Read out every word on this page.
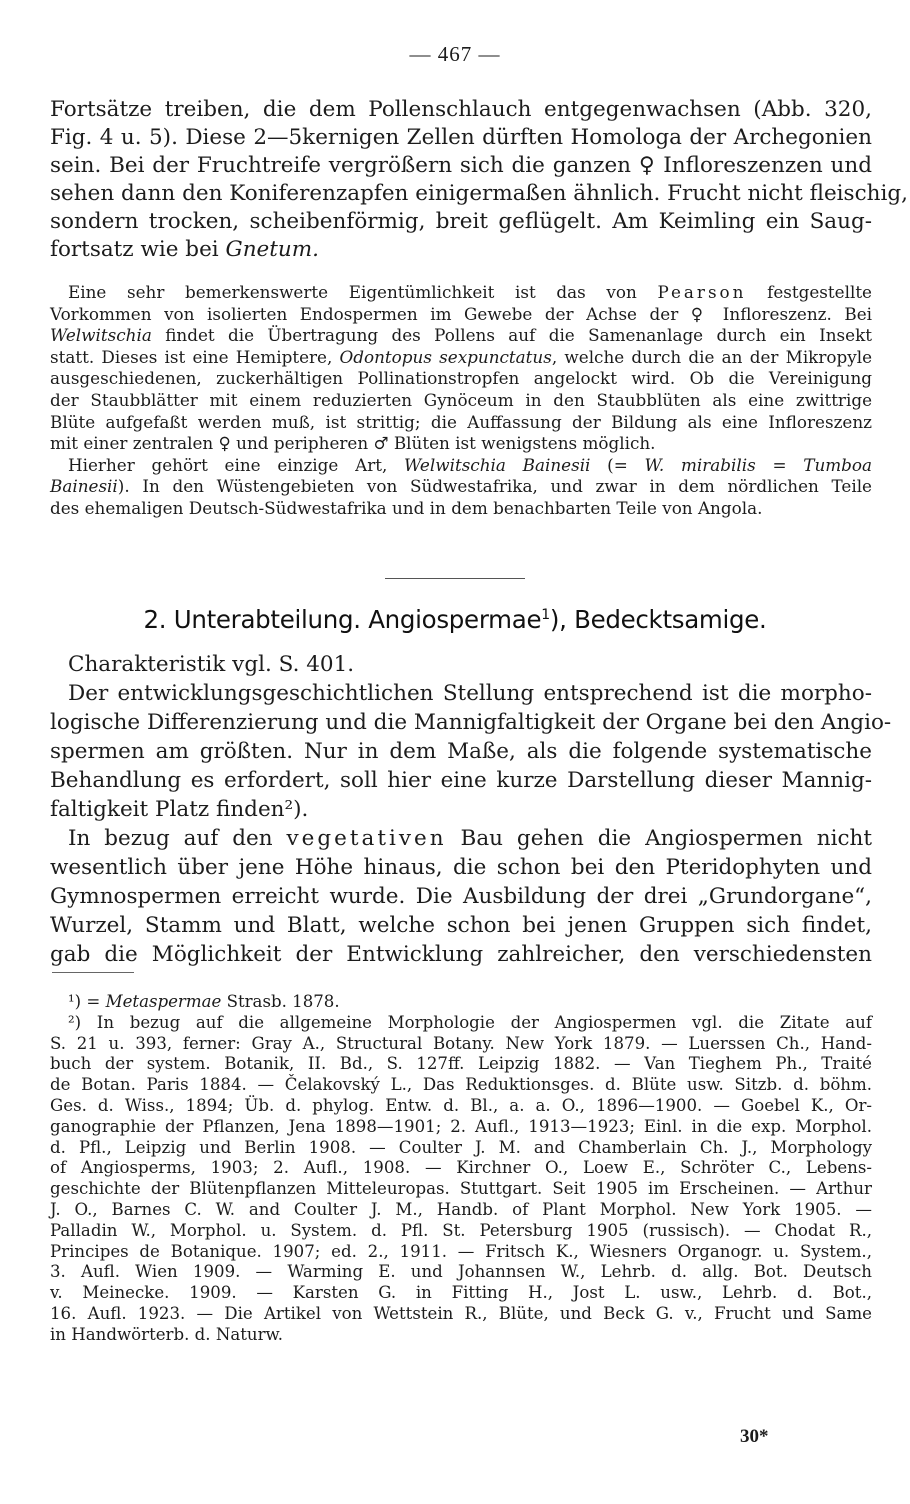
— 467 —
Fortsätze treiben, die dem Pollenschlauch entgegenwachsen (Abb. 320,
Fig. 4 u. 5). Diese 2—5kernigen Zellen dürften Homologa der Archegonien
sein. Bei der Fruchtreife vergrößern sich die ganzen ♀ Infloreszenzen und
sehen dann den Koniferenzapfen einigermaßen ähnlich. Frucht nicht fleischig,
sondern trocken, scheibenförmig, breit geflügelt. Am Keimling ein Saug-
fortsatz wie bei Gnetum.
Eine sehr bemerkenswerte Eigentümlichkeit ist das von Pearson festgestellte
Vorkommen von isolierten Endospermen im Gewebe der Achse der ♀ Infloreszenz. Bei
Welwitschia findet die Übertragung des Pollens auf die Samenanlage durch ein Insekt
statt. Dieses ist eine Hemiptere, Odontopus sexpunctatus, welche durch die an der Mikropyle
ausgeschiedenen, zuckerhältigen Pollinationstropfen angelockt wird. Ob die Vereinigung
der Staubblätter mit einem reduzierten Gynöceum in den Staubblüten als eine zwittrige
Blüte aufgefaßt werden muß, ist strittig; die Auffassung der Bildung als eine Infloreszenz
mit einer zentralen ♀ und peripheren ♂ Blüten ist wenigstens möglich.
Hierher gehört eine einzige Art, Welwitschia Bainesii (= W. mirabilis = Tumboa
Bainesii). In den Wüstengebieten von Südwestafrika, und zwar in dem nördlichen Teile
des ehemaligen Deutsch-Südwestafrika und in dem benachbarten Teile von Angola.
2. Unterabteilung. Angiospermae$^1$), Bedecktsamige.
Charakteristik vgl. S. 401.
Der entwicklungsgeschichtlichen Stellung entsprechend ist die morpho-
logische Differenzierung und die Mannigfaltigkeit der Organe bei den Angio-
spermen am größten. Nur in dem Maße, als die folgende systematische
Behandlung es erfordert, soll hier eine kurze Darstellung dieser Mannig-
faltigkeit Platz finden²).
In bezug auf den vegetativen Bau gehen die Angiospermen nicht
wesentlich über jene Höhe hinaus, die schon bei den Pteridophyten und
Gymnospermen erreicht wurde. Die Ausbildung der drei „Grundorgane“,
Wurzel, Stamm und Blatt, welche schon bei jenen Gruppen sich findet,
gab die Möglichkeit der Entwicklung zahlreicher, den verschiedensten
¹) = Metaspermae Strasb. 1878.
²) In bezug auf die allgemeine Morphologie der Angiospermen vgl. die Zitate auf
S. 21 u. 393, ferner: Gray A., Structural Botany. New York 1879. — Luerssen Ch., Hand-
buch der system. Botanik, II. Bd., S. 127ff. Leipzig 1882. — Van Tieghem Ph., Traité
de Botan. Paris 1884. — Čelakovský L., Das Reduktionsges. d. Blüte usw. Sitzb. d. böhm.
Ges. d. Wiss., 1894; Üb. d. phylog. Entw. d. Bl., a. a. O., 1896—1900. — Goebel K., Or-
ganographie der Pflanzen, Jena 1898—1901; 2. Aufl., 1913—1923; Einl. in die exp. Morphol.
d. Pfl., Leipzig und Berlin 1908. — Coulter J. M. and Chamberlain Ch. J., Morphology
of Angiosperms, 1903; 2. Aufl., 1908. — Kirchner O., Loew E., Schröter C., Lebens-
geschichte der Blütenpflanzen Mitteleuropas. Stuttgart. Seit 1905 im Erscheinen. — Arthur
J. O., Barnes C. W. and Coulter J. M., Handb. of Plant Morphol. New York 1905. —
Palladin W., Morphol. u. System. d. Pfl. St. Petersburg 1905 (russisch). — Chodat R.,
Principes de Botanique. 1907; ed. 2., 1911. — Fritsch K., Wiesners Organogr. u. System.,
3. Aufl. Wien 1909. — Warming E. und Johannsen W., Lehrb. d. allg. Bot. Deutsch
v. Meinecke. 1909. — Karsten G. in Fitting H., Jost L. usw., Lehrb. d. Bot.,
16. Aufl. 1923. — Die Artikel von Wettstein R., Blüte, und Beck G. v., Frucht und Same
in Handwörterb. d. Naturw.
30*
